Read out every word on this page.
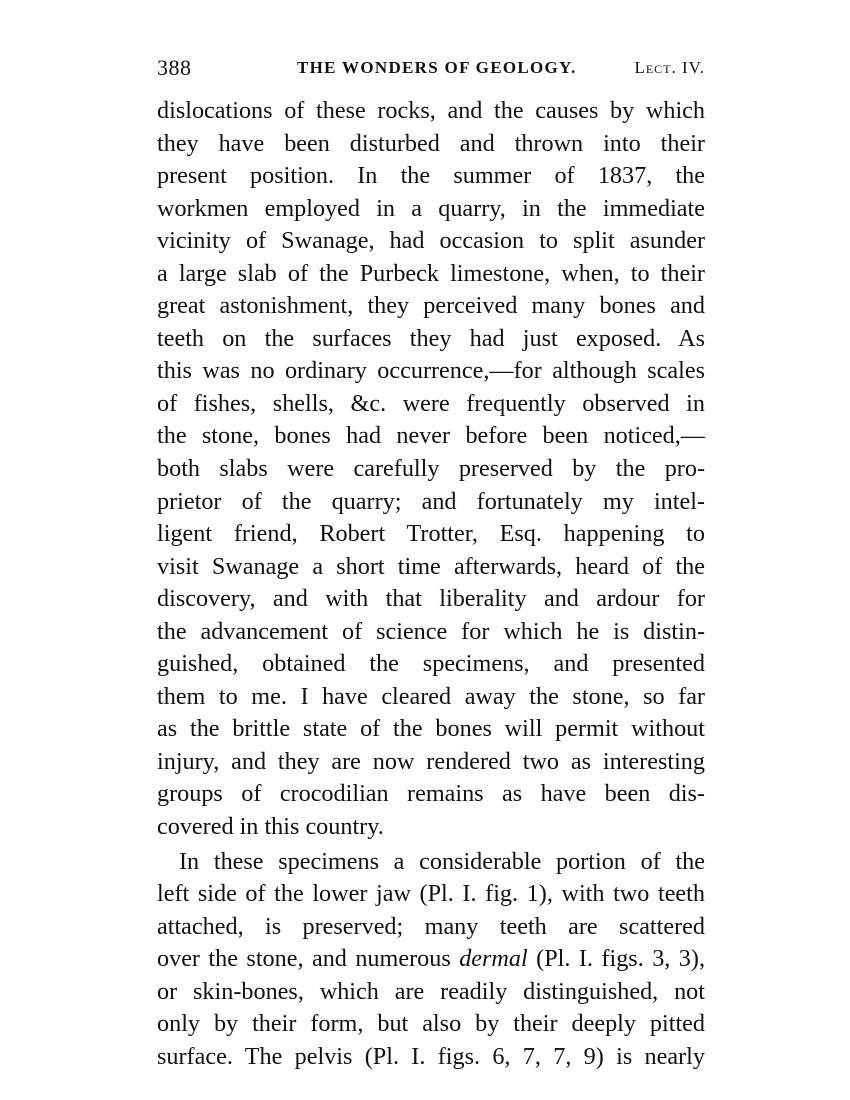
388	THE WONDERS OF GEOLOGY.	Lect. IV.
dislocations of these rocks, and the causes by which
they have been disturbed and thrown into their
present position. In the summer of 1837, the
workmen employed in a quarry, in the immediate
vicinity of Swanage, had occasion to split asunder
a large slab of the Purbeck limestone, when, to their
great astonishment, they perceived many bones and
teeth on the surfaces they had just exposed. As
this was no ordinary occurrence,—for although scales
of fishes, shells, &c. were frequently observed in
the stone, bones had never before been noticed,—
both slabs were carefully preserved by the pro-
prietor of the quarry; and fortunately my intel-
ligent friend, Robert Trotter, Esq. happening to
visit Swanage a short time afterwards, heard of the
discovery, and with that liberality and ardour for
the advancement of science for which he is distin-
guished, obtained the specimens, and presented
them to me. I have cleared away the stone, so far
as the brittle state of the bones will permit without
injury, and they are now rendered two as interesting
groups of crocodilian remains as have been dis-
covered in this country.
In these specimens a considerable portion of the
left side of the lower jaw (Pl. I. fig. 1), with two teeth
attached, is preserved; many teeth are scattered
over the stone, and numerous dermal (Pl. I. figs. 3, 3),
or skin-bones, which are readily distinguished, not
only by their form, but also by their deeply pitted
surface. The pelvis (Pl. I. figs. 6, 7, 7, 9) is nearly
